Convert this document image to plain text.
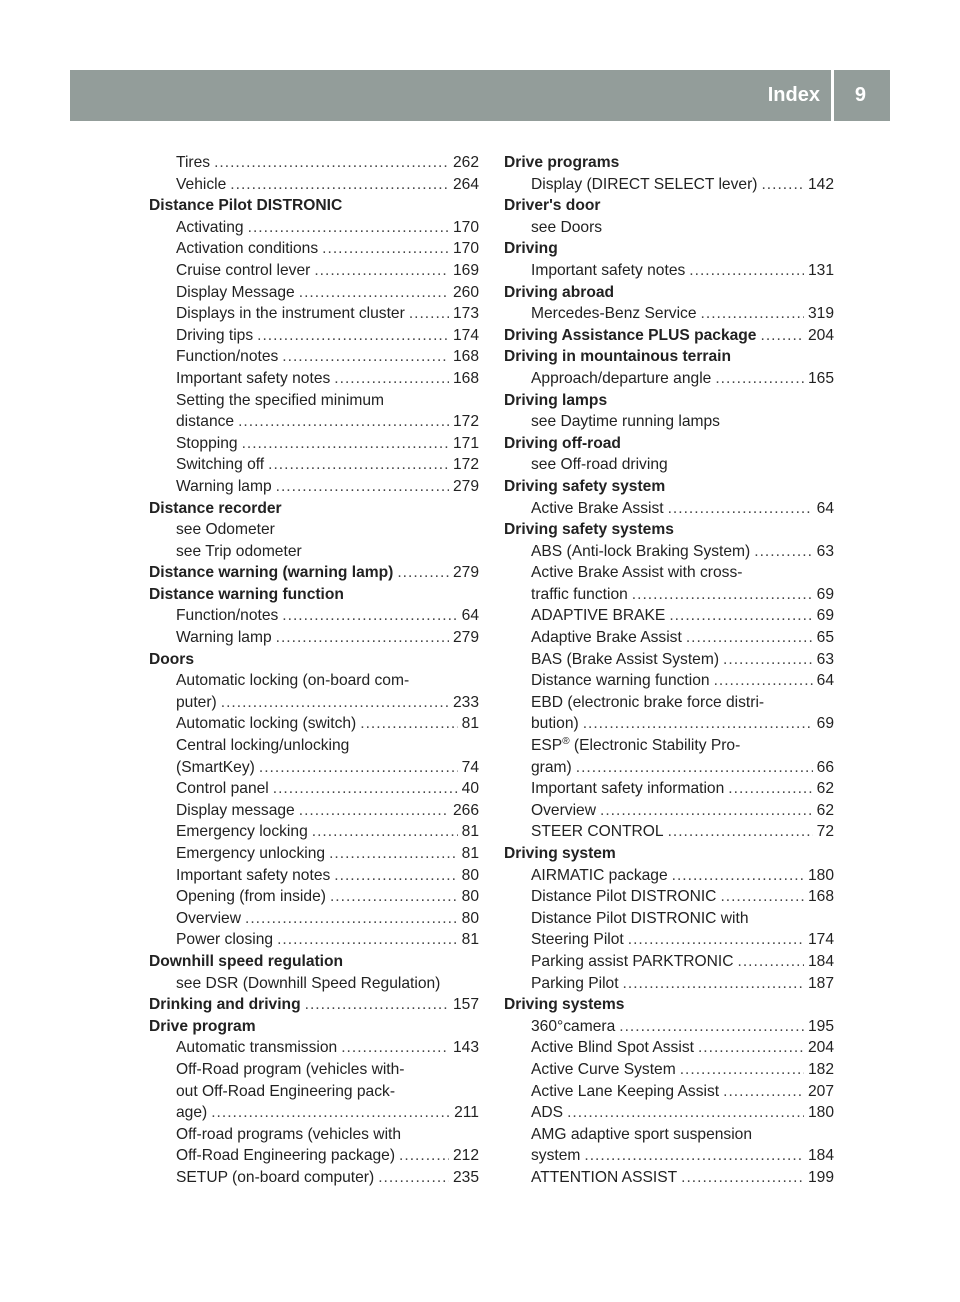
Index 9
Tires .....	262
Vehicle .....	264
Distance Pilot DISTRONIC
Activating .....	170
Activation conditions .....	170
Cruise control lever .....	169
Display Message .....	260
Displays in the instrument cluster .....	173
Driving tips .....	174
Function/notes .....	168
Important safety notes .....	168
Setting the specified minimum
distance .....	172
Stopping .....	171
Switching off .....	172
Warning lamp .....	279
Distance recorder
see Odometer
see Trip odometer
Distance warning (warning lamp) .....	279
Distance warning function
Function/notes .....	64
Warning lamp .....	279
Doors
Automatic locking (on-board com-
puter) .....	233
Automatic locking (switch) .....	81
Central locking/unlocking
(SmartKey) .....	74
Control panel .....	40
Display message .....	266
Emergency locking .....	81
Emergency unlocking .....	81
Important safety notes .....	80
Opening (from inside) .....	80
Overview .....	80
Power closing .....	81
Downhill speed regulation
see DSR (Downhill Speed Regulation)
Drinking and driving .....	157
Drive program
Automatic transmission .....	143
Off-Road program (vehicles with-
out Off-Road Engineering pack-
age) .....	211
Off-road programs (vehicles with
Off-Road Engineering package) .....	212
SETUP (on-board computer) .....	235
Drive programs
Display (DIRECT SELECT lever) .....	142
Driver's door
see Doors
Driving
Important safety notes .....	131
Driving abroad
Mercedes-Benz Service .....	319
Driving Assistance PLUS package .....	204
Driving in mountainous terrain
Approach/departure angle .....	165
Driving lamps
see Daytime running lamps
Driving off-road
see Off-road driving
Driving safety system
Active Brake Assist .....	64
Driving safety systems
ABS (Anti-lock Braking System) .....	63
Active Brake Assist with cross-
traffic function .....	69
ADAPTIVE BRAKE .....	69
Adaptive Brake Assist .....	65
BAS (Brake Assist System) .....	63
Distance warning function .....	64
EBD (electronic brake force distri-
bution) .....	69
ESP® (Electronic Stability Pro-
gram) .....	66
Important safety information .....	62
Overview .....	62
STEER CONTROL .....	72
Driving system
AIRMATIC package .....	180
Distance Pilot DISTRONIC .....	168
Distance Pilot DISTRONIC with
Steering Pilot .....	174
Parking assist PARKTRONIC .....	184
Parking Pilot .....	187
Driving systems
360°camera .....	195
Active Blind Spot Assist .....	204
Active Curve System .....	182
Active Lane Keeping Assist .....	207
ADS .....	180
AMG adaptive sport suspension
system .....	184
ATTENTION ASSIST .....	199
